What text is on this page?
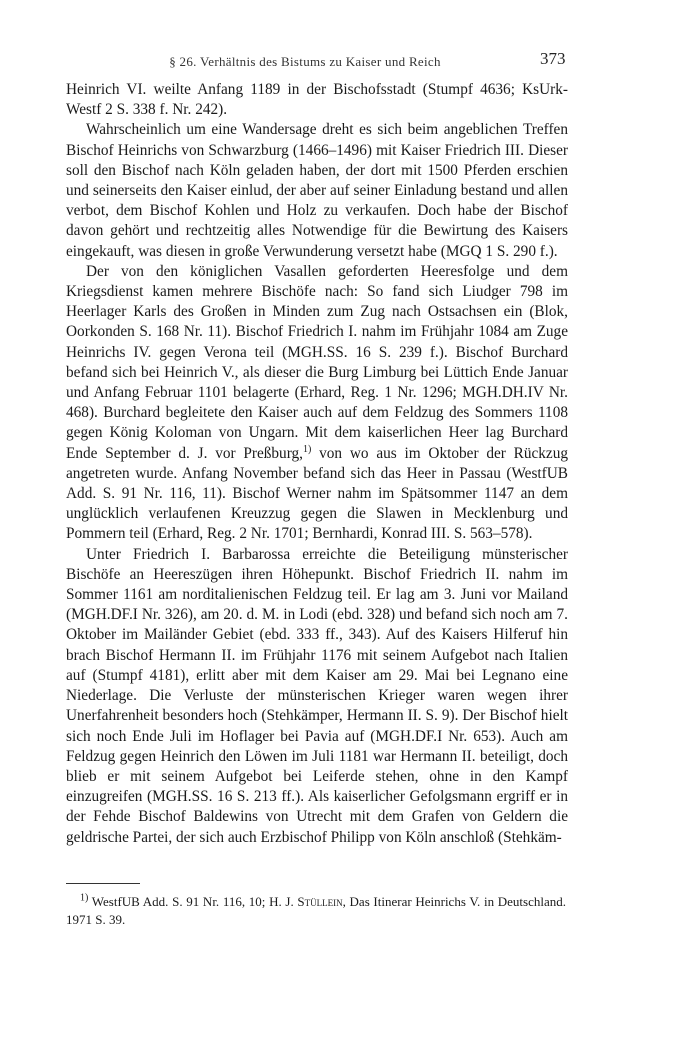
§ 26. Verhältnis des Bistums zu Kaiser und Reich	373

Heinrich VI. weilte Anfang 1189 in der Bischofsstadt (Stumpf 4636; KsUrk-Westf 2 S. 338 f. Nr. 242).

Wahrscheinlich um eine Wandersage dreht es sich beim angeblichen Treffen Bischof Heinrichs von Schwarzburg (1466–1496) mit Kaiser Friedrich III. Dieser soll den Bischof nach Köln geladen haben, der dort mit 1500 Pferden erschien und seinerseits den Kaiser einlud, der aber auf seiner Einladung bestand und allen verbot, dem Bischof Kohlen und Holz zu verkaufen. Doch habe der Bischof davon gehört und rechtzeitig alles Notwendige für die Bewirtung des Kaisers eingekauft, was diesen in große Verwunderung versetzt habe (MGQ 1 S. 290 f.).

Der von den königlichen Vasallen geforderten Heeresfolge und dem Kriegsdienst kamen mehrere Bischöfe nach: So fand sich Liudger 798 im Heerlager Karls des Großen in Minden zum Zug nach Ostsachsen ein (Blok, Oorkonden S. 168 Nr. 11). Bischof Friedrich I. nahm im Frühjahr 1084 am Zuge Heinrichs IV. gegen Verona teil (MGH.SS. 16 S. 239 f.). Bischof Burchard befand sich bei Heinrich V., als dieser die Burg Limburg bei Lüttich Ende Januar und Anfang Februar 1101 belagerte (Erhard, Reg. 1 Nr. 1296; MGH.DH.IV Nr. 468). Burchard begleitete den Kaiser auch auf dem Feldzug des Sommers 1108 gegen König Koloman von Ungarn. Mit dem kaiserlichen Heer lag Burchard Ende September d. J. vor Preßburg,$^{1)}$ von wo aus im Oktober der Rückzug angetreten wurde. Anfang November befand sich das Heer in Passau (WestfUB Add. S. 91 Nr. 116, 11). Bischof Werner nahm im Spätsommer 1147 an dem unglücklich verlaufenen Kreuzzug gegen die Slawen in Mecklenburg und Pommern teil (Erhard, Reg. 2 Nr. 1701; Bernhardi, Konrad III. S. 563–578).

Unter Friedrich I. Barbarossa erreichte die Beteiligung münsterischer Bischöfe an Heereszügen ihren Höhepunkt. Bischof Friedrich II. nahm im Sommer 1161 am norditalienischen Feldzug teil. Er lag am 3. Juni vor Mailand (MGH.DF.I Nr. 326), am 20. d. M. in Lodi (ebd. 328) und befand sich noch am 7. Oktober im Mailänder Gebiet (ebd. 333 ff., 343). Auf des Kaisers Hilferuf hin brach Bischof Hermann II. im Frühjahr 1176 mit seinem Aufgebot nach Italien auf (Stumpf 4181), erlitt aber mit dem Kaiser am 29. Mai bei Legnano eine Niederlage. Die Verluste der münsterischen Krieger waren wegen ihrer Unerfahrenheit besonders hoch (Stehkämper, Hermann II. S. 9). Der Bischof hielt sich noch Ende Juli im Hoflager bei Pavia auf (MGH.DF.I Nr. 653). Auch am Feldzug gegen Heinrich den Löwen im Juli 1181 war Hermann II. beteiligt, doch blieb er mit seinem Aufgebot bei Leiferde stehen, ohne in den Kampf einzugreifen (MGH.SS. 16 S. 213 ff.). Als kaiserlicher Gefolgsmann ergriff er in der Fehde Bischof Baldewins von Utrecht mit dem Grafen von Geldern die geldrische Partei, der sich auch Erzbischof Philipp von Köln anschloß (Stehkäm-

$^{1)}$ WestfUB Add. S. 91 Nr. 116, 10; H. J. Stüllein, Das Itinerar Heinrichs V. in Deutschland. 1971 S. 39.
